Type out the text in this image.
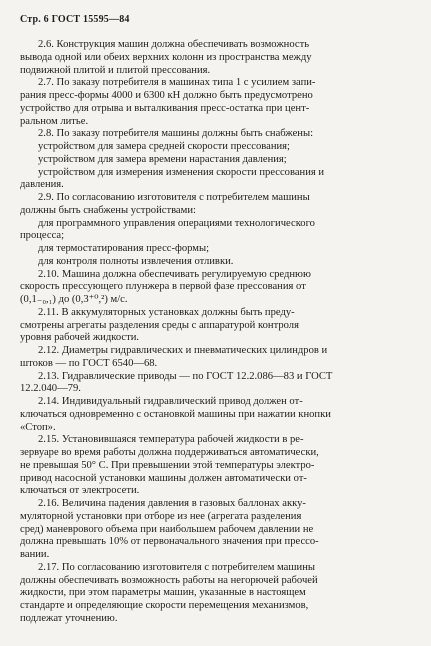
Стр. 6 ГОСТ 15595—84
2.6. Конструкция машин должна обеспечивать возможность
вывода одной или обеих верхних колонн из пространства между
подвижной плитой и плитой прессования.
2.7. По заказу потребителя в машинах типа 1 с усилием запи-
рания пресс-формы 4000 и 6300 кН должно быть предусмотрено
устройство для отрыва и выталкивания пресс-остатка при цент-
ральном литье.
2.8. По заказу потребителя машины должны быть снабжены:
устройством для замера средней скорости прессования;
устройством для замера времени нарастания давления;
устройством для измерения изменения скорости прессования и
давления.
2.9. По согласованию изготовителя с потребителем машины
должны быть снабжены устройствами:
для программного управления операциями технологического
процесса;
для термостатирования пресс-формы;
для контроля полноты извлечения отливки.
2.10. Машина должна обеспечивать регулируемую среднюю
скорость прессующего плунжера в первой фазе прессования от
(0,1₋₀,₁) до (0,3⁺⁰,²) м/с.
2.11. В аккумуляторных установках должны быть преду-
смотрены агрегаты разделения среды с аппаратурой контроля
уровня рабочей жидкости.
2.12. Диаметры гидравлических и пневматических цилиндров и
штоков — по ГОСТ 6540—68.
2.13. Гидравлические приводы — по ГОСТ 12.2.086—83 и ГОСТ
12.2.040—79.
2.14. Индивидуальный гидравлический привод должен от-
ключаться одновременно с остановкой машины при нажатии кнопки
«Стоп».
2.15. Установившаяся температура рабочей жидкости в ре-
зервуаре во время работы должна поддерживаться автоматически,
не превышая 50° С. При превышении этой температуры электро-
привод насосной установки машины должен автоматически от-
ключаться от электросети.
2.16. Величина падения давления в газовых баллонах акку-
муляторной установки при отборе из нее (агрегата разделения
сред) маневрового объема при наибольшем рабочем давлении не
должна превышать 10% от первоначального значения при прессо-
вании.
2.17. По согласованию изготовителя с потребителем машины
должны обеспечивать возможность работы на негорючей рабочей
жидкости, при этом параметры машин, указанные в настоящем
стандарте и определяющие скорости перемещения механизмов,
подлежат уточнению.
